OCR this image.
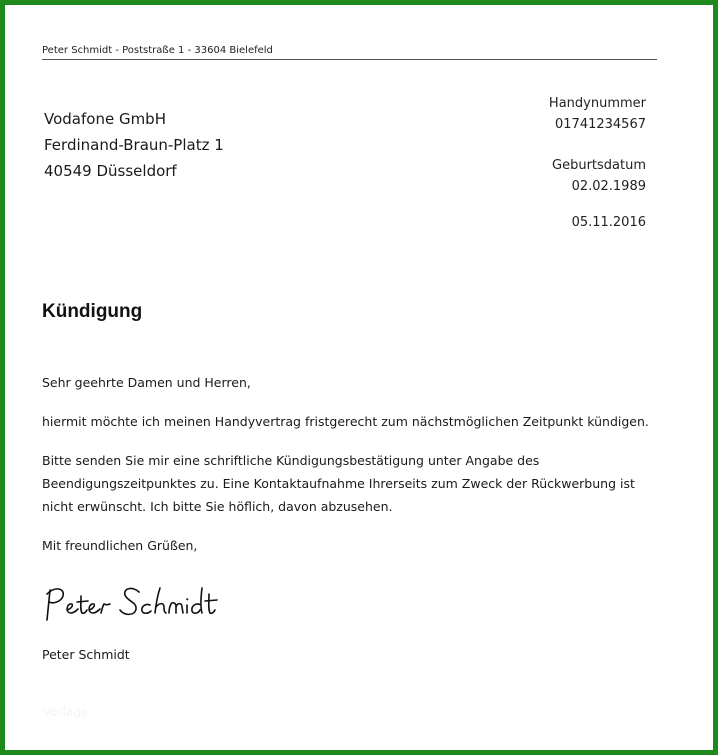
Peter Schmidt - Poststraße 1 - 33604 Bielefeld
Vodafone GmbH
Ferdinand-Braun-Platz 1
40549 Düsseldorf
Handynummer
01741234567
Geburtsdatum
02.02.1989
05.11.2016
Kündigung

Sehr geehrte Damen und Herren,

hiermit möchte ich meinen Handyvertrag fristgerecht zum nächstmöglichen Zeitpunkt kündigen.

Bitte senden Sie mir eine schriftliche Kündigungsbestätigung unter Angabe des Beendigungszeitpunktes zu. Eine Kontaktaufnahme Ihrerseits zum Zweck der Rückwerbung ist nicht erwünscht. Ich bitte Sie höflich, davon abzusehen.

Mit freundlichen Grüßen,

Peter Schmidt
Vorlage
